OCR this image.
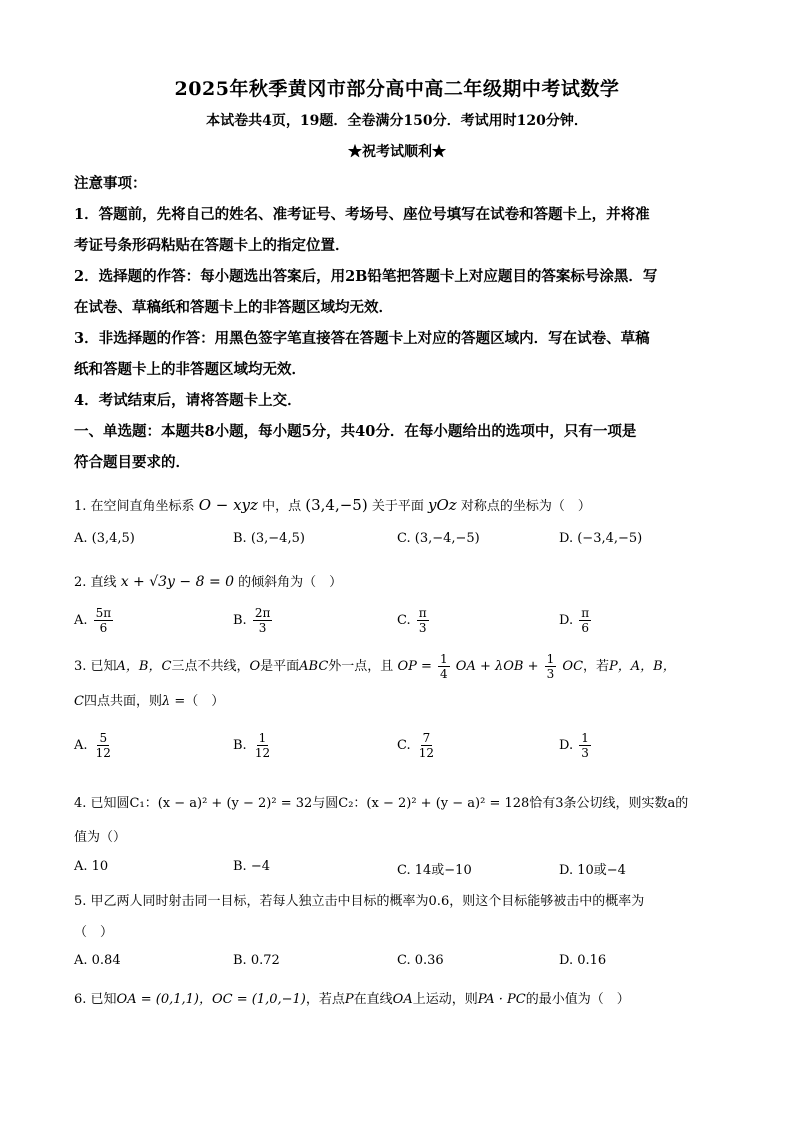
2025年秋季黄冈市部分高中高二年级期中考试数学
本试卷共4页，19题．全卷满分150分．考试用时120分钟．
★祝考试顺利★
注意事项：
1．答题前，先将自己的姓名、准考证号、考场号、座位号填写在试卷和答题卡上，并将准
考证号条形码粘贴在答题卡上的指定位置．
2．选择题的作答：每小题选出答案后，用2B铅笔把答题卡上对应题目的答案标号涂黑．写
在试卷、草稿纸和答题卡上的非答题区域均无效．
3．非选择题的作答：用黑色签字笔直接答在答题卡上对应的答题区域内．写在试卷、草稿
纸和答题卡上的非答题区域均无效．
4．考试结束后，请将答题卡上交．
一、单选题：本题共8小题，每小题5分，共40分．在每小题给出的选项中，只有一项是
符合题目要求的．
1. 在空间直角坐标系 O − xyz 中，点 (3,4,−5) 关于平面 yOz 对称点的坐标为（　）
A. (3,4,5)	B. (3,−4,5)	C. (3,−4,−5)	D. (−3,4,−5)
2. 直线 x + √3y − 8 = 0 的倾斜角为（　）
A. $\frac{5\pi}{6}$	B. $\frac{2\pi}{3}$	C. $\frac{\pi}{3}$	D. $\frac{\pi}{6}$
3. 已知A，B，C三点不共线，O是平面ABC外一点，且 OP = $\frac{1}{4}$ OA + $\lambda OB + \frac{1}{3}$ OC，若P，A，B，
C四点共面，则λ =（　）
A. $\frac{5}{12}$	B. $\frac{1}{12}$	C. $\frac{7}{12}$	D. $\frac{1}{3}$
4. 已知圆C₁：(x − a)² + (y − 2)² = 32与圆C₂：(x − 2)² + (y − a)² = 128恰有3条公切线，则实数a的
值为（）
A. 10	B. −4	C. 14或−10	D. 10或−4
5. 甲乙两人同时射击同一目标，若每人独立击中目标的概率为0.6，则这个目标能够被击中的概率为
（　）
A. 0.84	B. 0.72	C. 0.36	D. 0.16
6. 已知OA = (0,1,1)，OC = (1,0,−1)，若点P在直线OA上运动，则PA · PC的最小值为（　）
